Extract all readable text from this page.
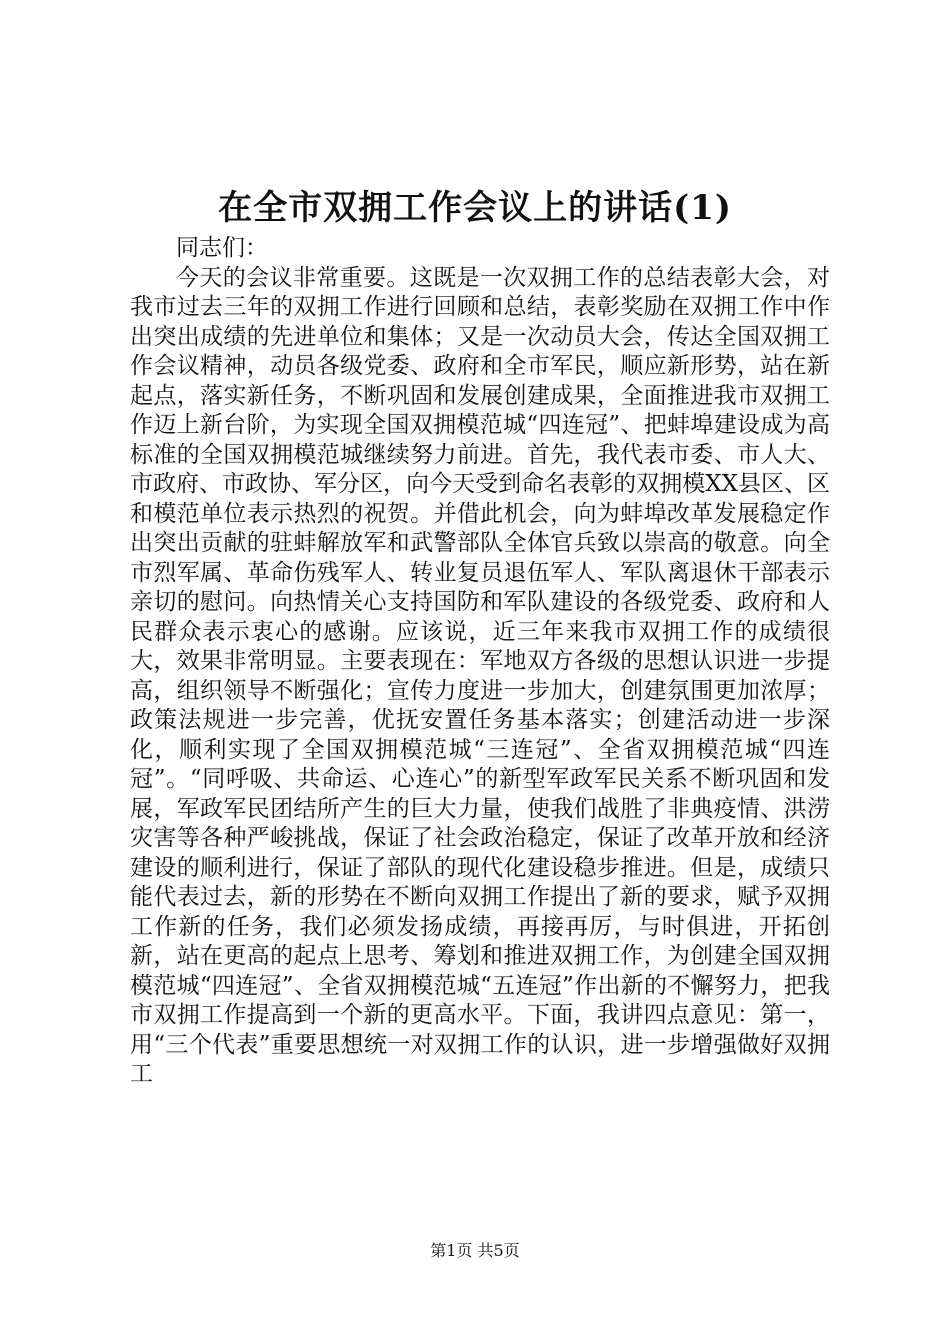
在全市双拥工作会议上的讲话(1)

同志们：

今天的会议非常重要。这既是一次双拥工作的总结表彰大会，对我市过去三年的双拥工作进行回顾和总结，表彰奖励在双拥工作中作出突出成绩的先进单位和集体；又是一次动员大会，传达全国双拥工作会议精神，动员各级党委、政府和全市军民，顺应新形势，站在新起点，落实新任务，不断巩固和发展创建成果，全面推进我市双拥工作迈上新台阶，为实现全国双拥模范城“四连冠”、把蚌埠建设成为高标准的全国双拥模范城继续努力前进。首先，我代表市委、市人大、市政府、市政协、军分区，向今天受到命名表彰的双拥模XX县区、区和模范单位表示热烈的祝贺。并借此机会，向为蚌埠改革发展稳定作出突出贡献的驻蚌解放军和武警部队全体官兵致以崇高的敬意。向全市烈军属、革命伤残军人、转业复员退伍军人、军队离退休干部表示亲切的慰问。向热情关心支持国防和军队建设的各级党委、政府和人民群众表示衷心的感谢。应该说，近三年来我市双拥工作的成绩很大，效果非常明显。主要表现在：军地双方各级的思想认识进一步提高，组织领导不断强化；宣传力度进一步加大，创建氛围更加浓厚；政策法规进一步完善，优抚安置任务基本落实；创建活动进一步深化，顺利实现了全国双拥模范城“三连冠”、全省双拥模范城“四连冠”。“同呼吸、共命运、心连心”的新型军政军民关系不断巩固和发展，军政军民团结所产生的巨大力量，使我们战胜了非典疫情、洪涝灾害等各种严峻挑战，保证了社会政治稳定，保证了改革开放和经济建设的顺利进行，保证了部队的现代化建设稳步推进。但是，成绩只能代表过去，新的形势在不断向双拥工作提出了新的要求，赋予双拥工作新的任务，我们必须发扬成绩，再接再厉，与时俱进，开拓创新，站在更高的起点上思考、筹划和推进双拥工作，为创建全国双拥模范城“四连冠”、全省双拥模范城“五连冠”作出新的不懈努力，把我市双拥工作提高到一个新的更高水平。下面，我讲四点意见：第一，用“三个代表”重要思想统一对双拥工作的认识，进一步增强做好双拥工

第1页 共5页
